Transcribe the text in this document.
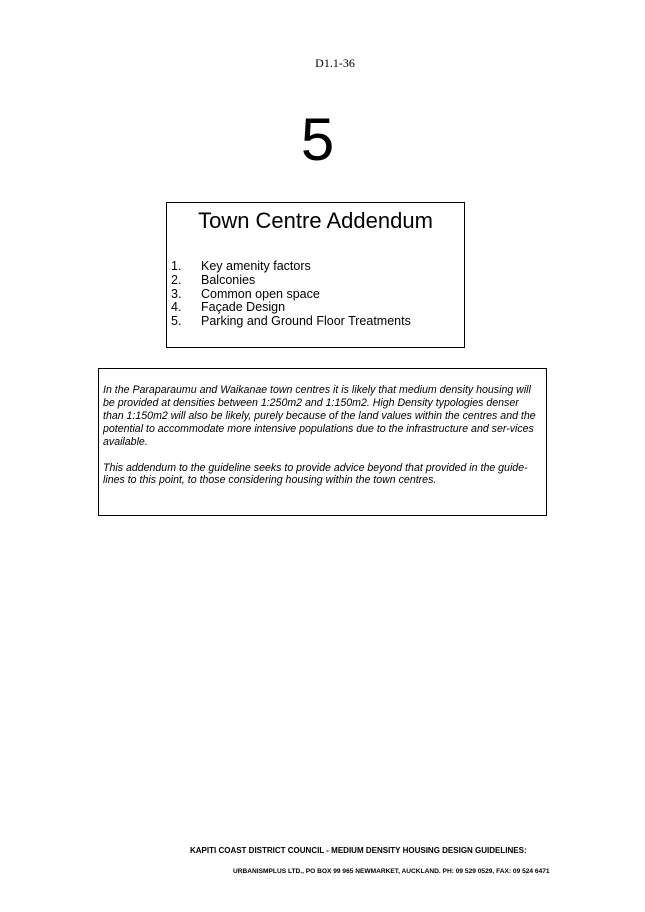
D1.1-36
5
Town Centre Addendum
1.	Key amenity factors
2.	Balconies
3.	Common open space
4.	Façade Design
5.	Parking and Ground Floor Treatments

In the Paraparaumu and Waikanae town centres it is likely that medium density housing will be provided at densities between 1:250m2 and 1:150m2. High Density typologies denser than 1:150m2 will also be likely, purely because of the land values within the centres and the potential to accommodate more intensive populations due to the infrastructure and ser-vices available.

This addendum to the guideline seeks to provide advice beyond that provided in the guide-lines to this point, to those considering housing within the town centres.

KAPITI COAST DISTRICT COUNCIL - MEDIUM DENSITY HOUSING DESIGN GUIDELINES:
URBANISMPLUS LTD., PO BOX 99 965 NEWMARKET, AUCKLAND. PH: 09 529 0529, FAX: 09 524 6471
